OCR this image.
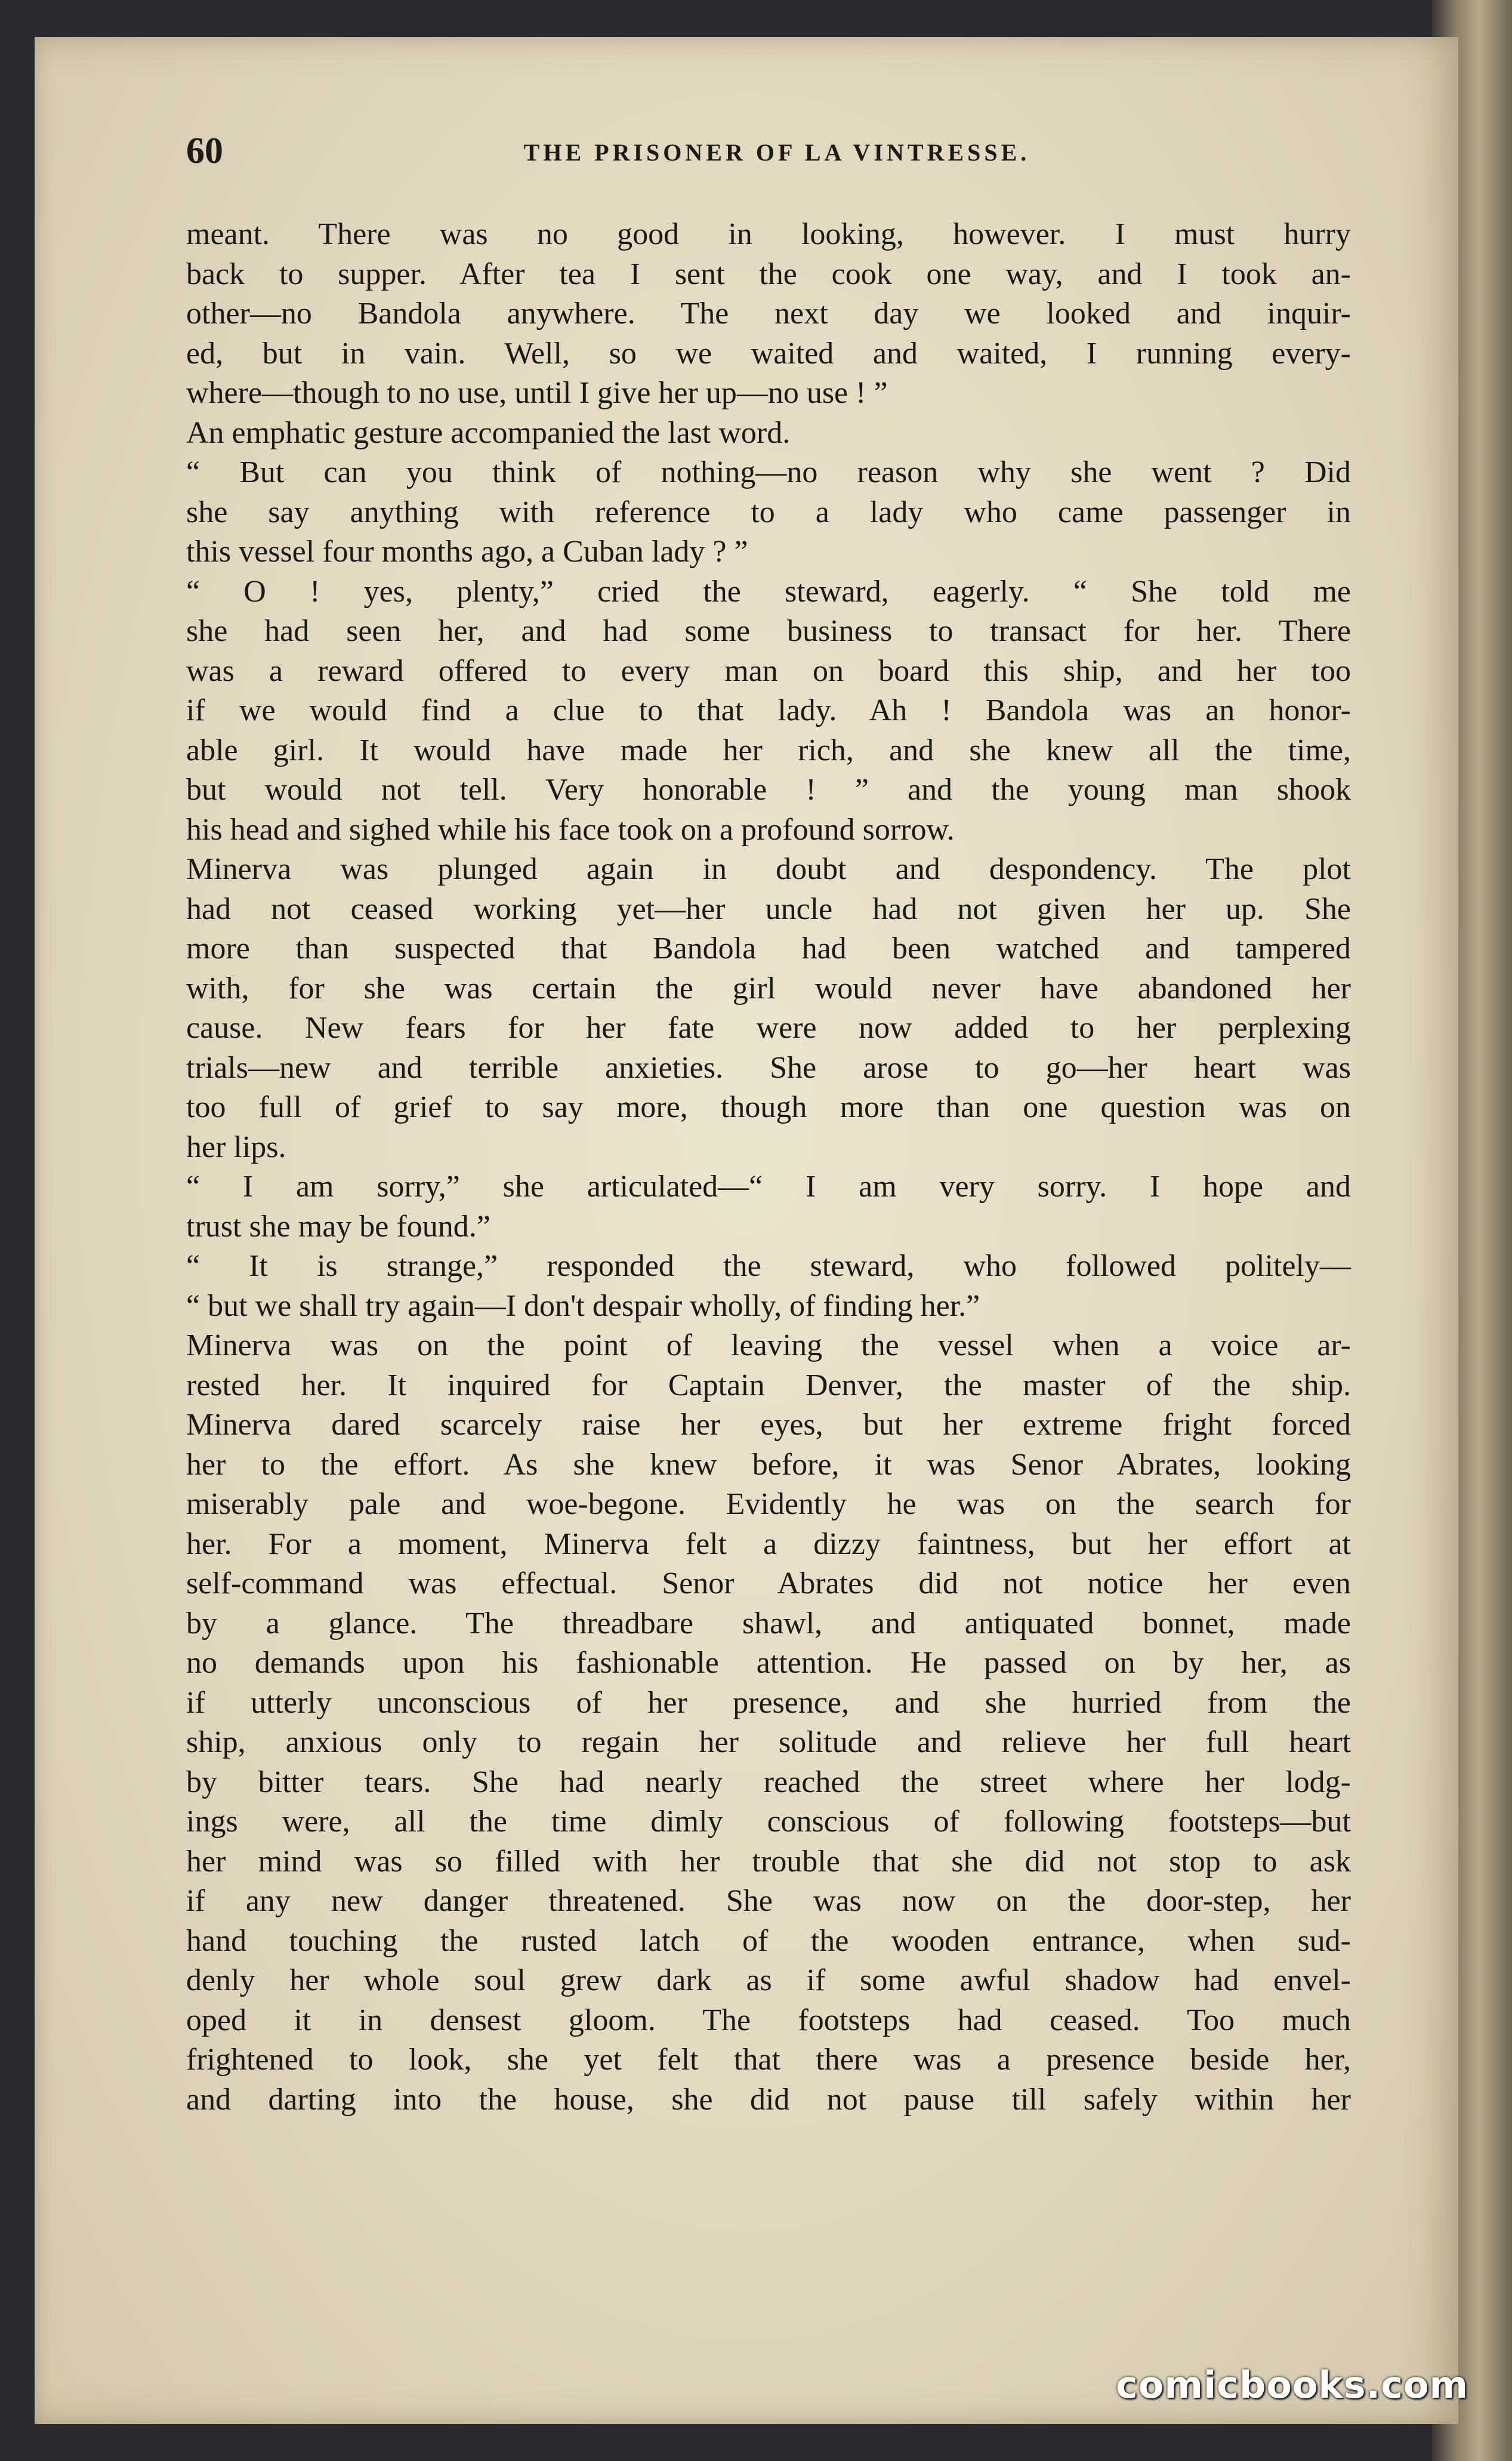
60	THE PRISONER OF LA VINTRESSE.
meant. There was no good in looking, however. I must hurry
back to supper. After tea I sent the cook one way, and I took an-
other—no Bandola anywhere. The next day we looked and inquir-
ed, but in vain. Well, so we waited and waited, I running every-
where—though to no use, until I give her up—no use ! ”
An emphatic gesture accompanied the last word.
“ But can you think of nothing—no reason why she went ? Did
she say anything with reference to a lady who came passenger in
this vessel four months ago, a Cuban lady ? ”
“ O ! yes, plenty,” cried the steward, eagerly. “ She told me
she had seen her, and had some business to transact for her. There
was a reward offered to every man on board this ship, and her too
if we would find a clue to that lady. Ah ! Bandola was an honor-
able girl. It would have made her rich, and she knew all the time,
but would not tell. Very honorable ! ” and the young man shook
his head and sighed while his face took on a profound sorrow.
Minerva was plunged again in doubt and despondency. The plot
had not ceased working yet—her uncle had not given her up. She
more than suspected that Bandola had been watched and tampered
with, for she was certain the girl would never have abandoned her
cause. New fears for her fate were now added to her perplexing
trials—new and terrible anxieties. She arose to go—her heart was
too full of grief to say more, though more than one question was on
her lips.
“ I am sorry,” she articulated—“ I am very sorry. I hope and
trust she may be found.”
“ It is strange,” responded the steward, who followed politely—
“ but we shall try again—I don't despair wholly, of finding her.”
Minerva was on the point of leaving the vessel when a voice ar-
rested her. It inquired for Captain Denver, the master of the ship.
Minerva dared scarcely raise her eyes, but her extreme fright forced
her to the effort. As she knew before, it was Senor Abrates, looking
miserably pale and woe-begone. Evidently he was on the search for
her. For a moment, Minerva felt a dizzy faintness, but her effort at
self-command was effectual. Senor Abrates did not notice her even
by a glance. The threadbare shawl, and antiquated bonnet, made
no demands upon his fashionable attention. He passed on by her, as
if utterly unconscious of her presence, and she hurried from the
ship, anxious only to regain her solitude and relieve her full heart
by bitter tears. She had nearly reached the street where her lodg-
ings were, all the time dimly conscious of following footsteps—but
her mind was so filled with her trouble that she did not stop to ask
if any new danger threatened. She was now on the door-step, her
hand touching the rusted latch of the wooden entrance, when sud-
denly her whole soul grew dark as if some awful shadow had envel-
oped it in densest gloom. The footsteps had ceased. Too much
frightened to look, she yet felt that there was a presence beside her,
and darting into the house, she did not pause till safely within her
comicbooks.com
